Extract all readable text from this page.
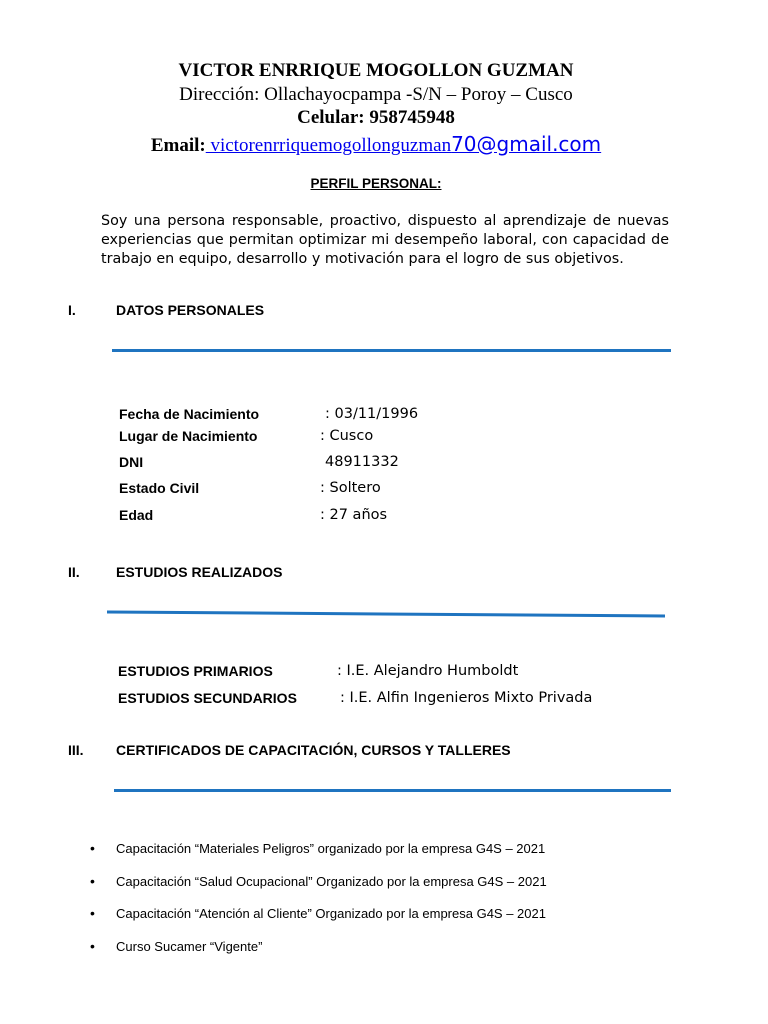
VICTOR ENRRIQUE MOGOLLON GUZMAN
Dirección: Ollachayocpampa -S/N – Poroy – Cusco
Celular: 958745948
Email: victorenrriquemogollonguzman70@gmail.com
PERFIL PERSONAL:
Soy una persona responsable, proactivo, dispuesto al aprendizaje de nuevas experiencias que permitan optimizar mi desempeño laboral, con capacidad de trabajo en equipo, desarrollo y motivación para el logro de sus objetivos.
I.	DATOS PERSONALES
Fecha de Nacimiento	: 03/11/1996
Lugar de Nacimiento	: Cusco
DNI	48911332
Estado Civil	: Soltero
Edad	: 27 años
II.	ESTUDIOS REALIZADOS
ESTUDIOS PRIMARIOS	: I.E. Alejandro Humboldt
ESTUDIOS SECUNDARIOS	: I.E. Alfin Ingenieros Mixto Privada
III. CERTIFICADOS DE CAPACITACIÓN, CURSOS Y TALLERES
• Capacitación “Materiales Peligros” organizado por la empresa G4S – 2021
• Capacitación “Salud Ocupacional” Organizado por la empresa G4S – 2021
• Capacitación “Atención al Cliente” Organizado por la empresa G4S – 2021
• Curso Sucamer “Vigente”
